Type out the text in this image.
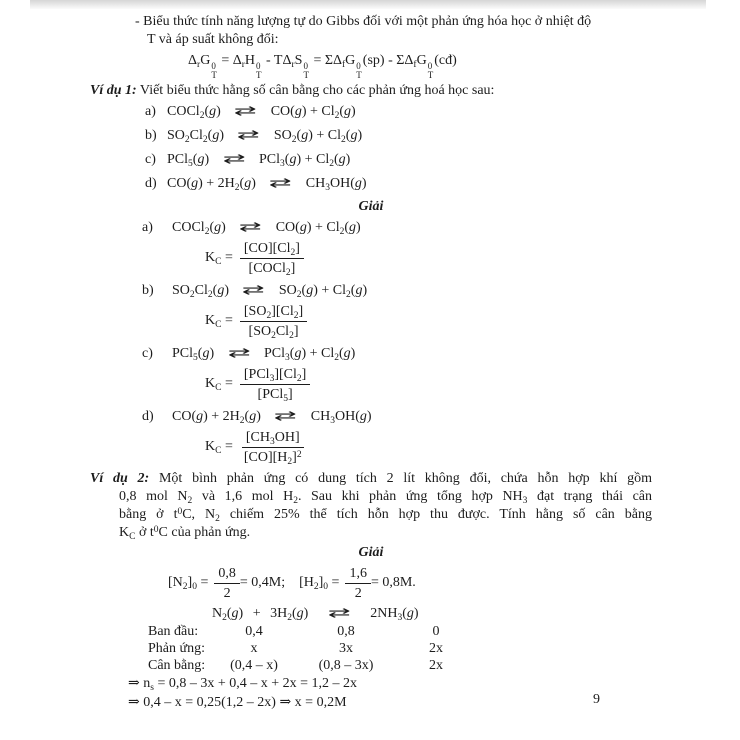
- Biểu thức tính năng lượng tự do Gibbs đối với một phản ứng hóa học ở nhiệt độ
T và áp suất không đổi:
$\Delta_rG$ 0
T
= $\Delta_rH$ 0
T
- $T\Delta_rS$ 0
T
= $\Sigma\Delta_fG$ 0
T
$(sp) - \Sigma\Delta_fG$ 0
T
(cđ)
Ví dụ 1: Viết biểu thức hằng số cân bằng cho các phản ứng hoá học sau:
a) COCl$_2$(g) ⇄ $CO(g) + Cl_2(g)$
b) $SO_2Cl_2(g)$ ⇄ $SO_2(g) + Cl_2(g)$
c) PCl$_5$(g) ⇄ $PCl_3(g) + Cl_2(g)$
d) $CO(g) + 2H_2(g)$ ⇄ $CH_3OH(g)$
Giải
a)	COCl$_2$(g) ⇄ $CO(g) + Cl_2(g)$
$K_C = \frac{[CO][Cl_2]}{[COCl_2]}$
b)	$SO_2Cl_2(g)$ ⇄ $SO_2(g) + Cl_2(g)$
$K_C = \frac{[SO_2][Cl_2]}{[SO_2Cl_2]}$
c)	PCl$_5$(g) ⇄ $PCl_3(g) + Cl_2(g)$
$K_C = \frac{[PCl_3][Cl_2]}{[PCl_5]}$
d)	$CO(g) + 2H_2(g)$ ⇄ $CH_3OH(g)$
$K_C = \frac{[CH_3OH]}{[CO][H_2]^2}$
Ví dụ 2: Một bình phản ứng có dung tích 2 lít không đổi, chứa hỗn hợp khí gồm
0,8 mol $N_2$ và 1,6 mol $H_2$. Sau khi phản ứng tổng hợp $NH_3$ đạt trạng thái cân
bằng ở $t^0C$, $N_2$ chiếm 25% thể tích hỗn hợp thu được. Tính hằng số cân bằng
$K_C$ ở $t^0C$ của phản ứng.
Giải
$[N_2]_0 = \frac{0,8}{2} = 0,4M$; $[H_2]_0 = \frac{1,6}{2} = 0,8M$.
$N_2(g) + 3H_2(g)$ ⇄ $2NH_3(g)$
Ban đầu:	0,4	0,8	0
Phản ứng:	x	3x	2x
Cân bằng:	(0,4 – x)	(0,8 – 3x)	2x
⇒ $n_s = 0,8 - 3x + 0,4 - x + 2x = 1,2 - 2x$
⇒ 0,4 – x = 0,25(1,2 – 2x) ⇒ x = 0,2M	9
